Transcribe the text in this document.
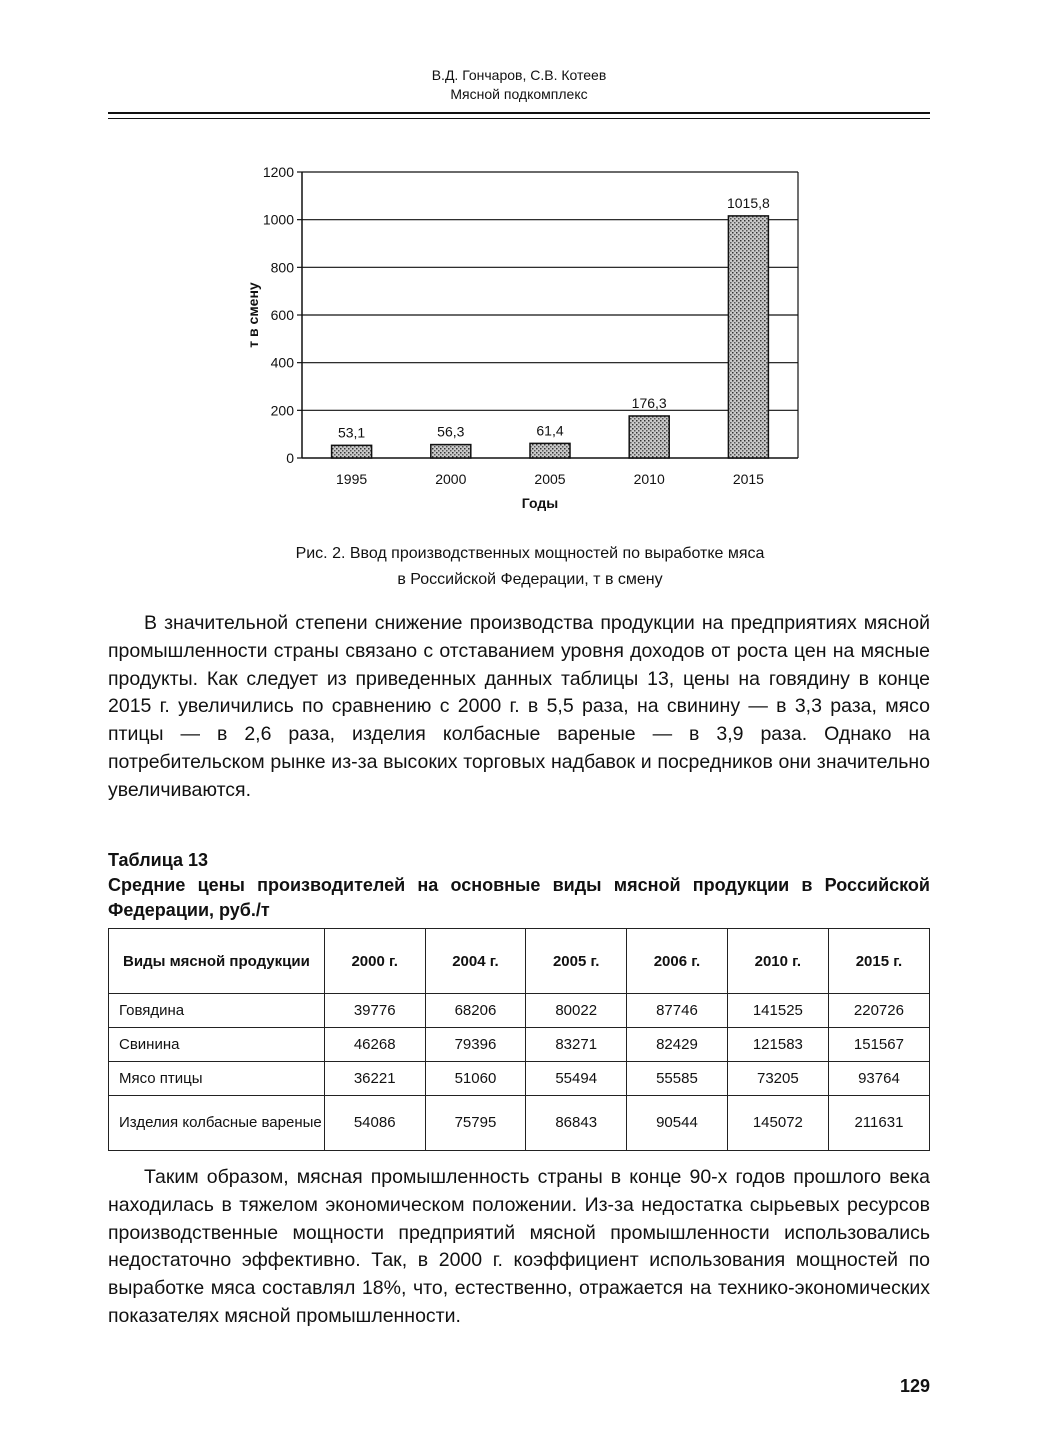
В.Д. Гончаров, С.В. Котеев
Мясной подкомплекс
0
200
400
600
800
1000
1200
53,1
1995
56,3
2000
61,4
2005
176,3
2010
1015,8
2015
Годы
т в смену
Рис. 2. Ввод производственных мощностей по выработке мяса
в Российской Федерации, т в смену
В значительной степени снижение производства продукции на предприятиях мясной промышленности страны связано с отставанием уровня доходов от роста цен на мясные продукты. Как следует из приведенных данных таблицы 13, цены на говядину в конце 2015 г. увеличились по сравнению с 2000 г. в 5,5 раза, на свинину — в 3,3 раза, мясо птицы — в 2,6 раза, изделия колбасные вареные — в 3,9 раза. Однако на потребительском рынке из-за высоких торговых надбавок и посредников они значительно увеличиваются.
Таблица 13
Средние цены производителей на основные виды мясной продукции в Российской Федерации, руб./т
Виды мясной продукции	2000 г.	2004 г.	2005 г.	2006 г.	2010 г.	2015 г.
Говядина	39776	68206	80022	87746	141525	220726
Свинина	46268	79396	83271	82429	121583	151567
Мясо птицы	36221	51060	55494	55585	73205	93764
Изделия колбасные вареные	54086	75795	86843	90544	145072	211631
Таким образом, мясная промышленность страны в конце 90-х годов прошлого века находилась в тяжелом экономическом положении. Из-за недостатка сырьевых ресурсов производственные мощности предприятий мясной промышленности использовались недостаточно эффективно. Так, в 2000 г. коэффициент использования мощностей по выработке мяса составлял 18%, что, естественно, отражается на технико-экономических показателях мясной промышленности.
129
